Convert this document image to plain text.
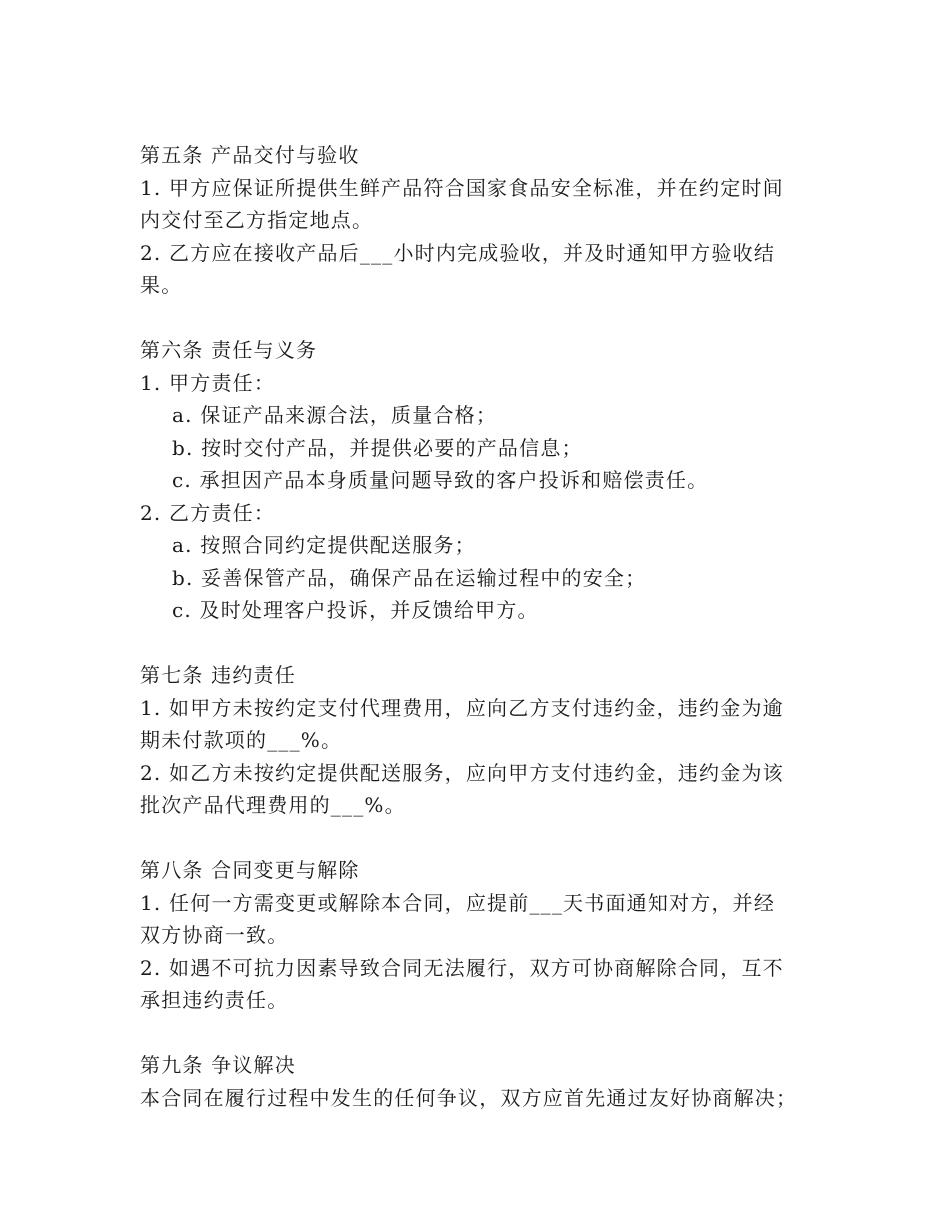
第五条 产品交付与验收
1. 甲方应保证所提供生鲜产品符合国家食品安全标准，并在约定时间
内交付至乙方指定地点。
2. 乙方应在接收产品后___小时内完成验收，并及时通知甲方验收结
果。
第六条 责任与义务
1. 甲方责任：
a. 保证产品来源合法，质量合格；
b. 按时交付产品，并提供必要的产品信息；
c. 承担因产品本身质量问题导致的客户投诉和赔偿责任。
2. 乙方责任：
a. 按照合同约定提供配送服务；
b. 妥善保管产品，确保产品在运输过程中的安全；
c. 及时处理客户投诉，并反馈给甲方。
第七条 违约责任
1. 如甲方未按约定支付代理费用，应向乙方支付违约金，违约金为逾
期未付款项的___%。
2. 如乙方未按约定提供配送服务，应向甲方支付违约金，违约金为该
批次产品代理费用的___%。
第八条 合同变更与解除
1. 任何一方需变更或解除本合同，应提前___天书面通知对方，并经
双方协商一致。
2. 如遇不可抗力因素导致合同无法履行，双方可协商解除合同，互不
承担违约责任。
第九条 争议解决
本合同在履行过程中发生的任何争议，双方应首先通过友好协商解决；
